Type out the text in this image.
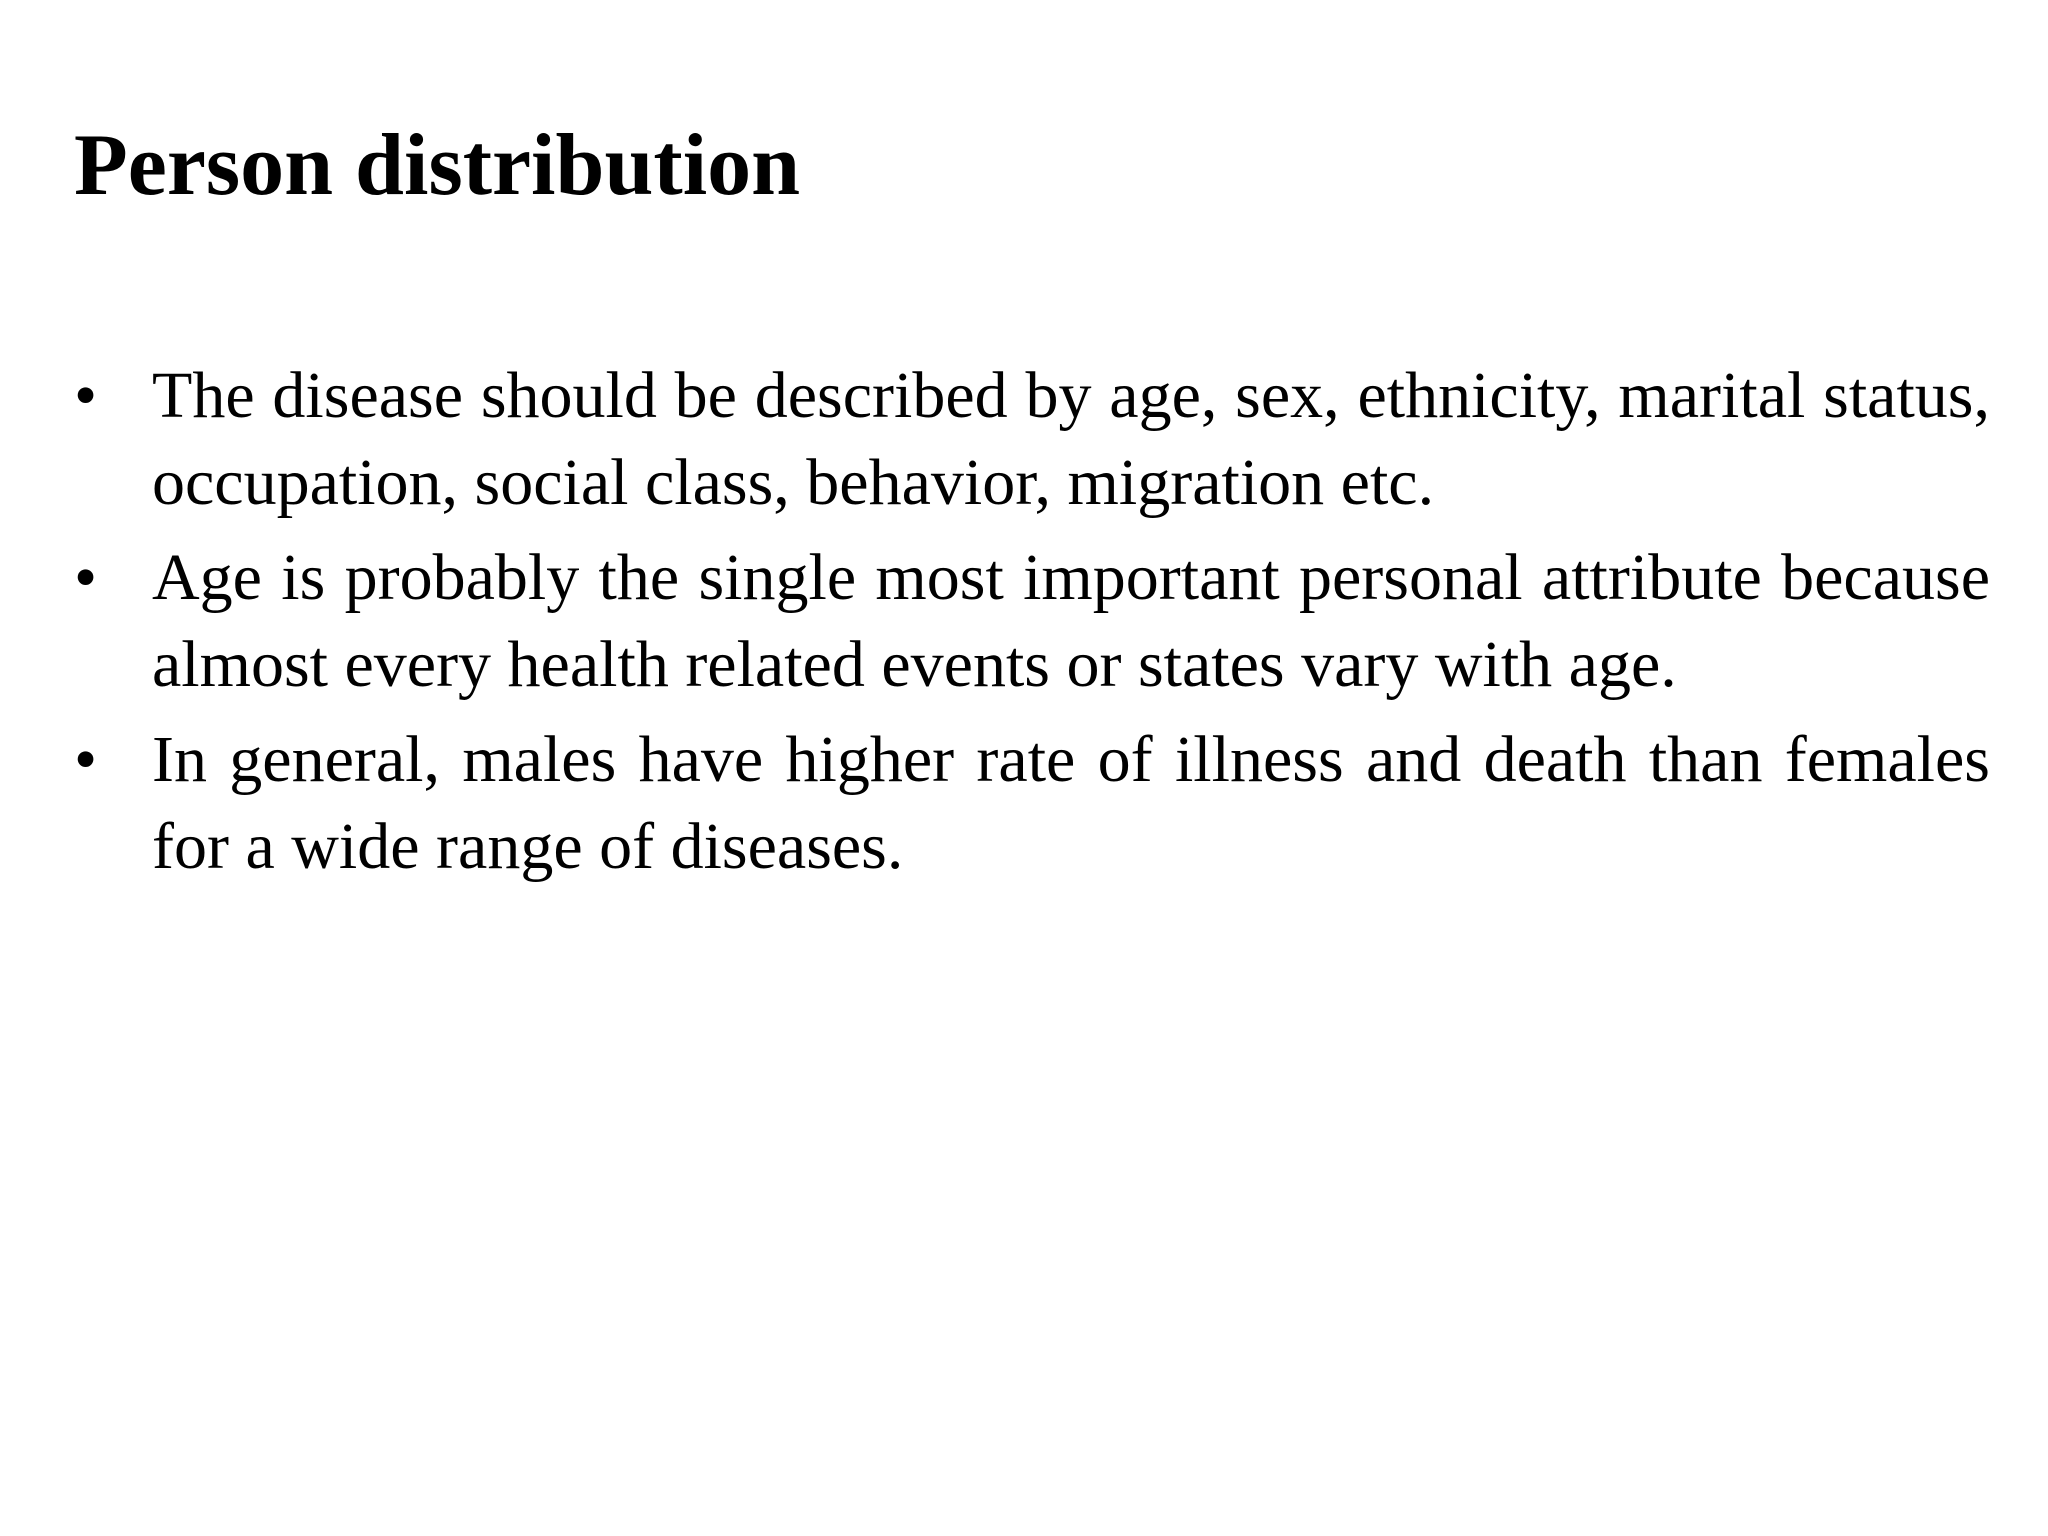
Person distribution
• The disease should be described by age, sex, ethnicity, marital status, occupation, social class, behavior, migration etc.
• Age is probably the single most important personal attribute because almost every health related events or states vary with age.
• In general, males have higher rate of illness and death than females for a wide range of diseases.
